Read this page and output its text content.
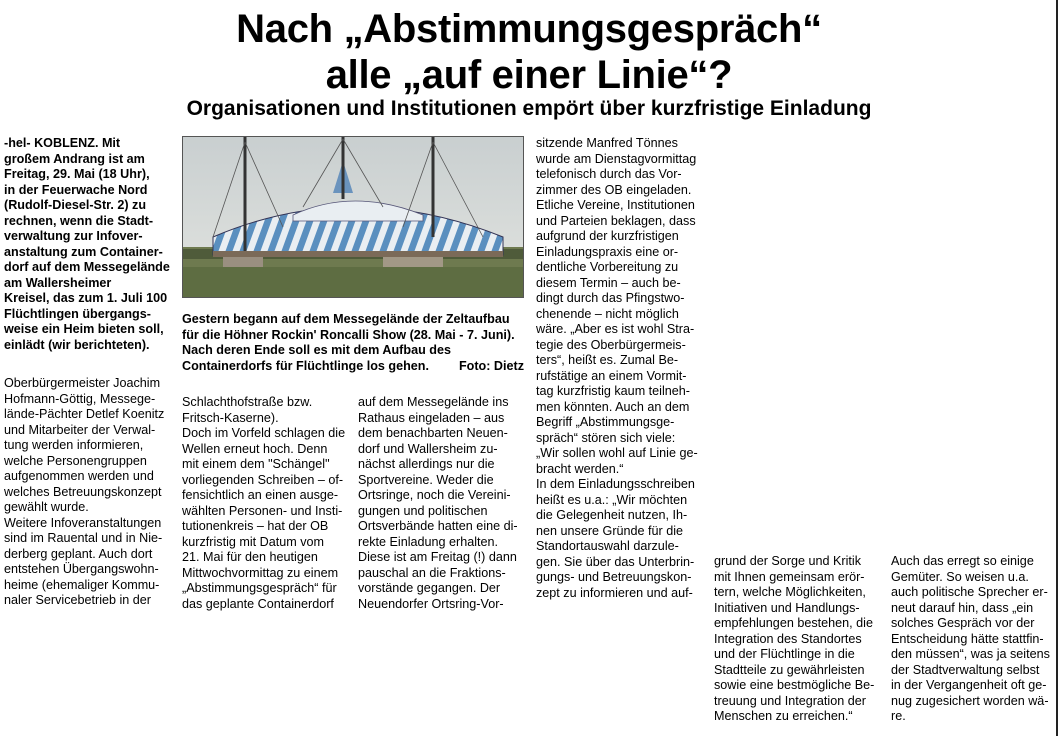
Nach „Abstimmungsgespräch“
alle „auf einer Linie“?
Organisationen und Institutionen empört über kurzfristige Einladung
-hel- KOBLENZ. Mit
großem Andrang ist am
Freitag, 29. Mai (18 Uhr),
in der Feuerwache Nord
(Rudolf-Diesel-Str. 2) zu
rechnen, wenn die Stadt-
verwaltung zur Infover-
anstaltung zum Container-
dorf auf dem Messegelände
am Wallersheimer
Kreisel, das zum 1. Juli 100
Flüchtlingen übergangs-
weise ein Heim bieten soll,
einlädt (wir berichteten).
Oberbürgermeister Joachim
Hofmann-Göttig, Messege-
lände-Pächter Detlef Koenitz
und Mitarbeiter der Verwal-
tung werden informieren,
welche Personengruppen
aufgenommen werden und
welches Betreuungskonzept
gewählt wurde.
Weitere Infoveranstaltungen
sind im Rauental und in Nie-
derberg geplant. Auch dort
entstehen Übergangswohn-
heime (ehemaliger Kommu-
naler Servicebetrieb in der
Gestern begann auf dem Messegelände der Zeltaufbau für die Höhner Rockin' Roncalli Show (28. Mai - 7. Juni). Nach deren Ende soll es mit dem Aufbau des Containerdorfs für Flüchtlinge los gehen. Foto: Dietz
Schlachthofstraße bzw.
Fritsch-Kaserne).
Doch im Vorfeld schlagen die
Wellen erneut hoch. Denn
mit einem dem "Schängel"
vorliegenden Schreiben – of-
fensichtlich an einen ausge-
wählten Personen- und Insti-
tutionenkreis – hat der OB
kurzfristig mit Datum vom
21. Mai für den heutigen
Mittwochvormittag zu einem
„Abstimmungsgespräch“ für
das geplante Containerdorf
auf dem Messegelände ins
Rathaus eingeladen – aus
dem benachbarten Neuen-
dorf und Wallersheim zu-
nächst allerdings nur die
Sportvereine. Weder die
Ortsringe, noch die Vereini-
gungen und politischen
Ortsverbände hatten eine di-
rekte Einladung erhalten.
Diese ist am Freitag (!) dann
pauschal an die Fraktions-
vorstände gegangen. Der
Neuendorfer Ortsring-Vor-
sitzende Manfred Tönnes
wurde am Dienstagvormittag
telefonisch durch das Vor-
zimmer des OB eingeladen.
Etliche Vereine, Institutionen
und Parteien beklagen, dass
aufgrund der kurzfristigen
Einladungspraxis eine or-
dentliche Vorbereitung zu
diesem Termin – auch be-
dingt durch das Pfingstwo-
chenende – nicht möglich
wäre. „Aber es ist wohl Stra-
tegie des Oberbürgermeis-
ters“, heißt es. Zumal Be-
rufstätige an einem Vormit-
tag kurzfristig kaum teilneh-
men könnten. Auch an dem
Begriff „Abstimmungsge-
spräch“ stören sich viele:
„Wir sollen wohl auf Linie ge-
bracht werden.“
In dem Einladungsschreiben
heißt es u.a.: „Wir möchten
die Gelegenheit nutzen, Ih-
nen unsere Gründe für die
Standortauswahl darzule-
gen. Sie über das Unterbrin-
gungs- und Betreuungskon-
zept zu informieren und auf-
grund der Sorge und Kritik
mit Ihnen gemeinsam erör-
tern, welche Möglichkeiten,
Initiativen und Handlungs-
empfehlungen bestehen, die
Integration des Standortes
und der Flüchtlinge in die
Stadtteile zu gewährleisten
sowie eine bestmögliche Be-
treuung und Integration der
Menschen zu erreichen.“
Auch das erregt so einige
Gemüter. So weisen u.a.
auch politische Sprecher er-
neut darauf hin, dass „ein
solches Gespräch vor der
Entscheidung hätte stattfin-
den müssen“, was ja seitens
der Stadtverwaltung selbst
in der Vergangenheit oft ge-
nug zugesichert worden wä-
re.
